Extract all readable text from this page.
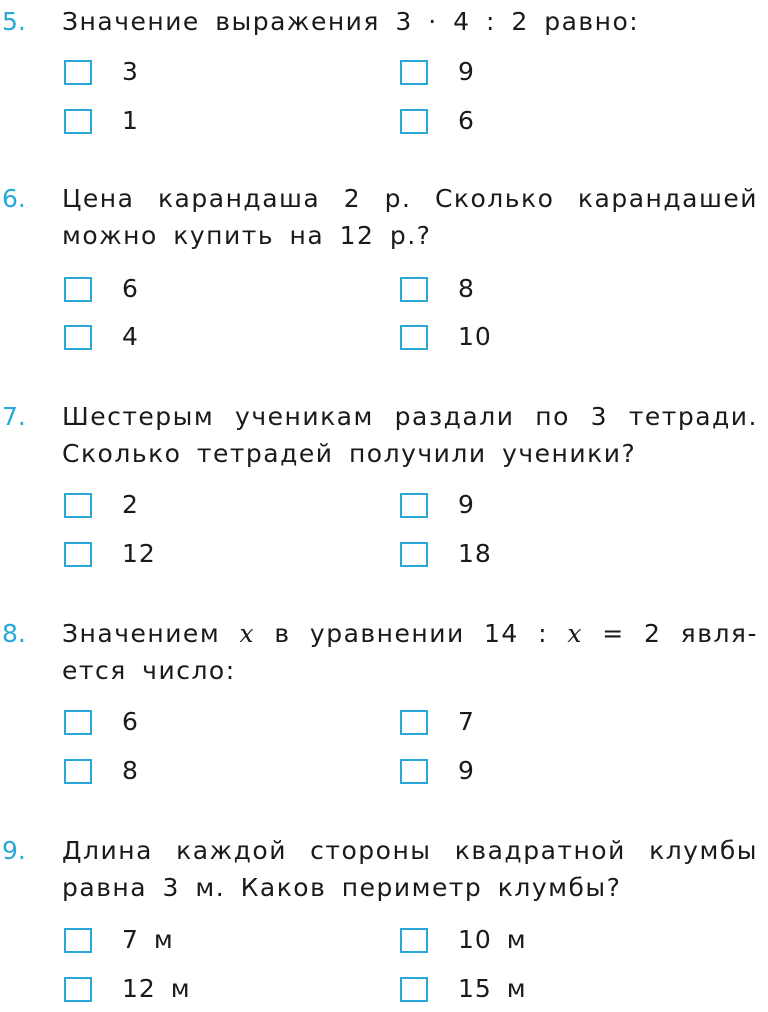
5. Значение выражения 3 · 4 : 2 равно:
3	9
1	6
6. Цена карандаша 2 р. Сколько карандашей
можно купить на 12 р.?
6	8
4	10
7. Шестерым ученикам раздали по 3 тетради.
Сколько тетрадей получили ученики?
2	9
12	18
8. Значением x в уравнении 14 : x = 2 явля-
ется число:
6	7
8	9
9. Длина каждой стороны квадратной клумбы
равна 3 м. Каков периметр клумбы?
7 м	10 м
12 м	15 м
